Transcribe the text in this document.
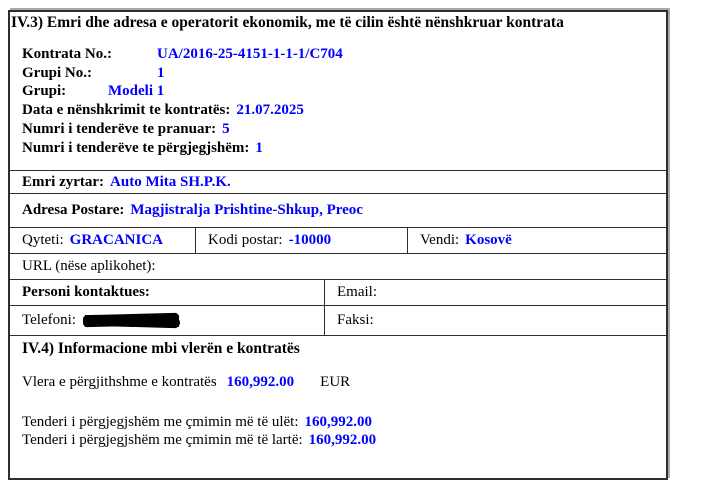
IV.3) Emri dhe adresa e operatorit ekonomik, me të cilin është nënshkruar kontrata
Kontrata No.:	UA/2016-25-4151-1-1-1/C704
Grupi No.:	1
Grupi:	Modeli 1
Data e nënshkrimit te kontratës: 21.07.2025
Numri i tenderëve te pranuar: 5
Numri i tenderëve te përgjegjshëm: 1
Emri zyrtar: Auto Mita SH.P.K.
Adresa Postare: Magjistralja Prishtine-Shkup, Preoc
Qyteti: GRACANICA	Kodi postar: -10000	Vendi: Kosovë
URL (nëse aplikohet):
Personi kontaktues:	Email:
Telefoni:	Faksi:
IV.4) Informacione mbi vlerën e kontratës
Vlera e përgjithshme e kontratës 160,992.00 EUR
Tenderi i përgjegjshëm me çmimin më të ulët: 160,992.00
Tenderi i përgjegjshëm me çmimin më të lartë: 160,992.00
